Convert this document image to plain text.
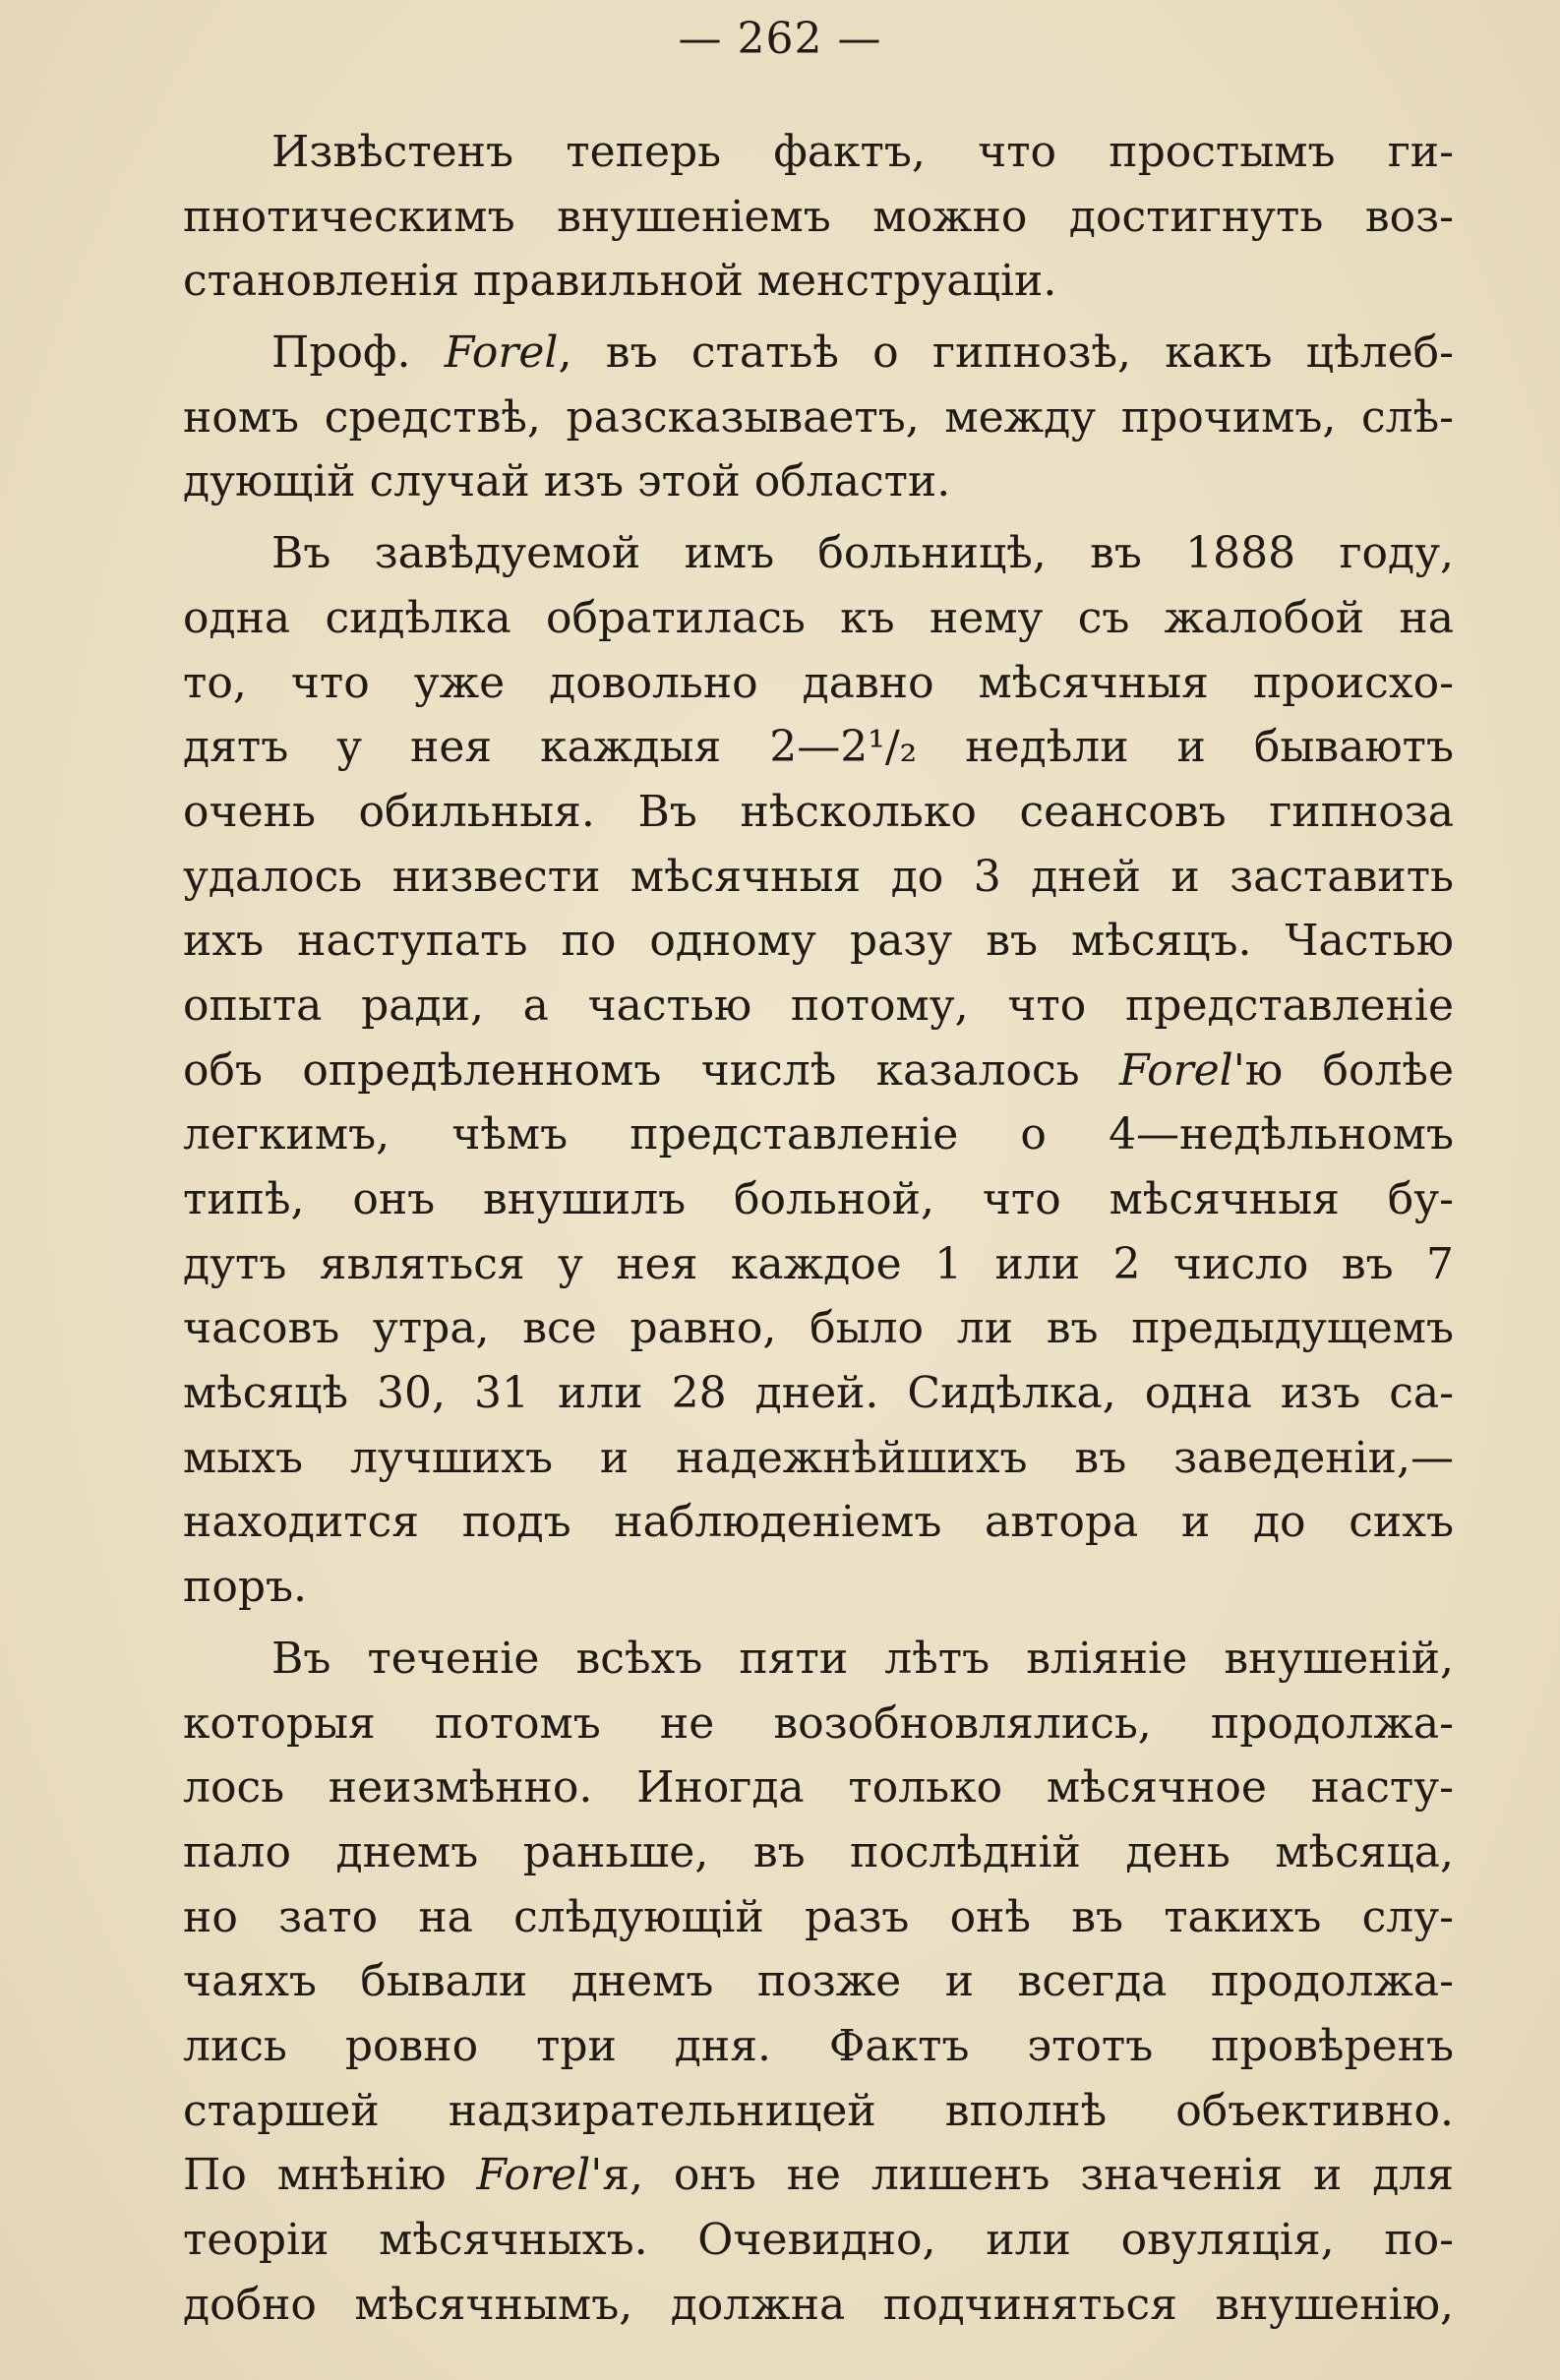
— 262 —
Извѣстенъ теперь фактъ, что простымъ ги-
пнотическимъ внушеніемъ можно достигнуть воз-
становленія правильной менструаціи.
Проф. Forel, въ статьѣ о гипнозѣ, какъ цѣлеб-
номъ средствѣ, разсказываетъ, между прочимъ, слѣ-
дующій случай изъ этой области.
Въ завѣдуемой имъ больницѣ, въ 1888 году,
одна сидѣлка обратилась къ нему съ жалобой на
то, что уже довольно давно мѣсячныя происхо-
дятъ у нея каждыя 2—2¹/₂ недѣли и бываютъ
очень обильныя. Въ нѣсколько сеансовъ гипноза
удалось низвести мѣсячныя до 3 дней и заставить
ихъ наступать по одному разу въ мѣсяцъ. Частью
опыта ради, а частью потому, что представленіе
объ опредѣленномъ числѣ казалось Forel'ю болѣе
легкимъ, чѣмъ представленіе о 4—недѣльномъ
типѣ, онъ внушилъ больной, что мѣсячныя бу-
дутъ являться у нея каждое 1 или 2 число въ 7
часовъ утра, все равно, было ли въ предыдущемъ
мѣсяцѣ 30, 31 или 28 дней. Сидѣлка, одна изъ са-
мыхъ лучшихъ и надежнѣйшихъ въ заведеніи,—
находится подъ наблюденіемъ автора и до сихъ
поръ.
Въ теченіе всѣхъ пяти лѣтъ вліяніе внушеній,
которыя потомъ не возобновлялись, продолжа-
лось неизмѣнно. Иногда только мѣсячное насту-
пало днемъ раньше, въ послѣдній день мѣсяца,
но зато на слѣдующій разъ онѣ въ такихъ слу-
чаяхъ бывали днемъ позже и всегда продолжа-
лись ровно три дня. Фактъ этотъ провѣренъ
старшей надзирательницей вполнѣ объективно.
По мнѣнію Forel'я, онъ не лишенъ значенія и для
теоріи мѣсячныхъ. Очевидно, или овуляція, по-
добно мѣсячнымъ, должна подчиняться внушенію,
